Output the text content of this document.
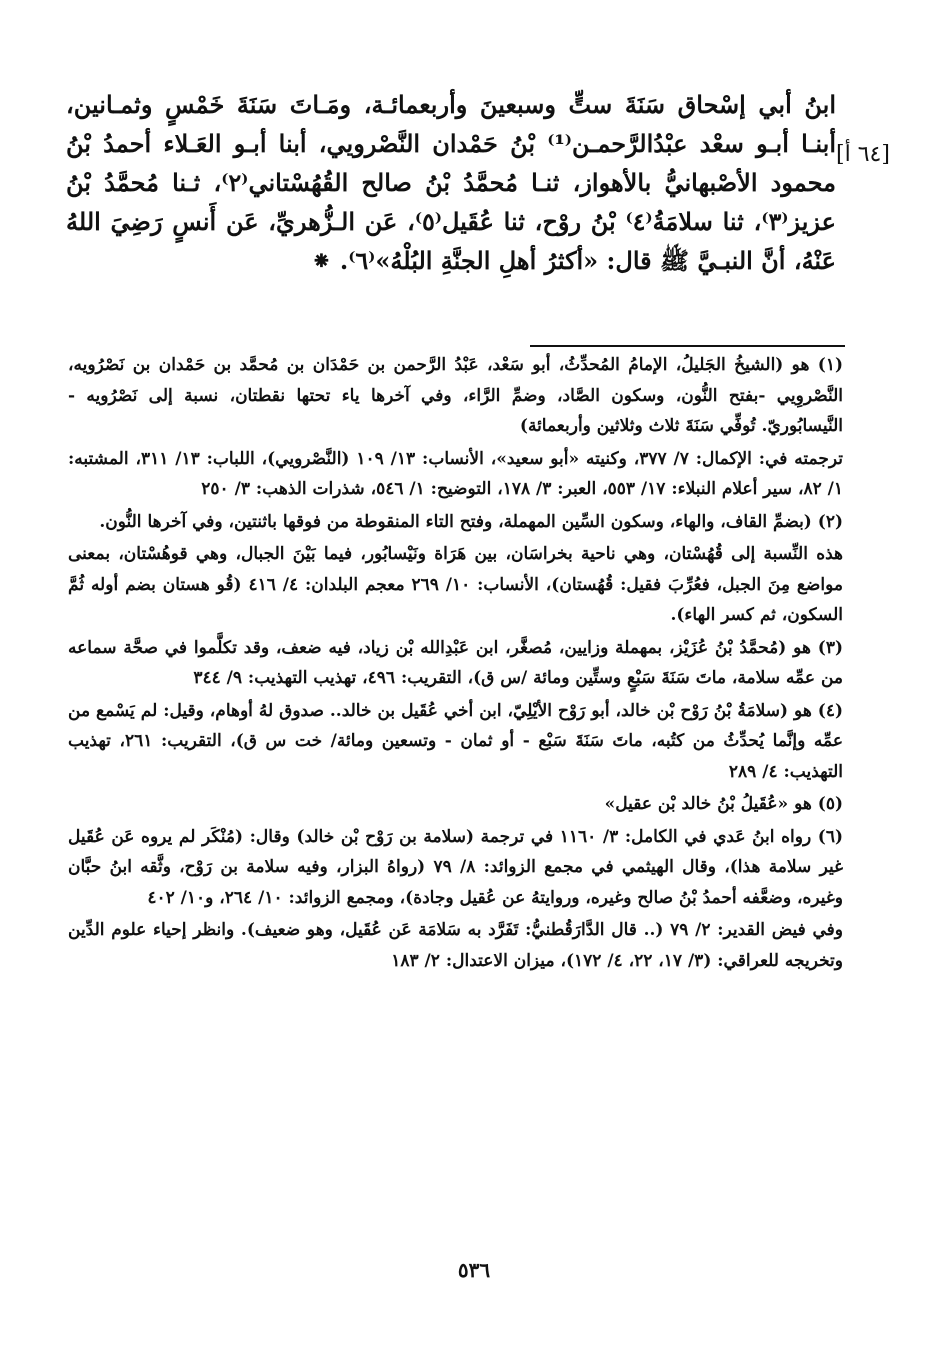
[٦٤ أ]

ابنُ أبي إسْحاق سَنَةَ ستٍّ وسبعينَ وأربعمائـة، ومَـاتَ سَنَةَ خَمْسٍ وثمـانين، أبنـا أبـو سعْد عبْدُالرَّحمـن⁽¹⁾ بْنُ حَمْدان النَّصْرويي، أبنا أبـو العَـلاء أحمدُ بْنُ محمود الأصْبهانيُّ بالأهواز، ثنـا مُحمَّدُ بْنُ صالح القُهُسْتاني⁽٢⁾، ثـنا مُحمَّدُ بْنُ عزيز⁽٣⁾، ثنا سلامَةُ⁽٤⁾ بْنُ روْح، ثنا عُقَيل⁽٥⁾، عَن الـزُّهريِّ، عَن أَنسٍ رَضِيَ اللهُ عَنْهُ، أنَّ النبـيَّ ﷺ قال: «أكثرُ أهلِ الجنَّةِ البُلْهُ»⁽٦⁾. ⁕

(١) هو (الشيخُ الجَليلُ، الإمامُ المُحدِّثُ، أبو سَعْد، عَبْدُ الرَّحمن بن حَمْدَان بن مُحمَّد بن حَمْدان بن نَصْرُويه، النَّصْروِيي -بفتح النُّون، وسكون الصَّاد، وضمِّ الرَّاء، وفي آخرها ياء تحتها نقطتان، نسبة إلى نَصْرُويه - النَّيسابُوريّ. تُوفِّي سَنَةَ ثلاث وثلاثين وأربعمائة)

ترجمته في: الإكمال: ٧/ ٣٧٧، وكنيته «أبو سعيد»، الأنساب: ١٣/ ١٠٩ (النَّصْرويي)، اللباب: ١٣/ ٣١١، المشتبه: ١/ ٨٢، سير أعلام النبلاء: ١٧/ ٥٥٣، العبر: ٣/ ١٧٨، التوضيح: ١/ ٥٤٦، شذرات الذهب: ٣/ ٢٥٠

(٢) (بضمِّ القاف، والهاء، وسكون السِّين المهملة، وفتح التاء المنقوطة من فوقها باثنتين، وفي آخرها النُّون.

هذه النِّسبة إلى قُهُسْتان، وهي ناحية بخراسَان، بين هَرَاة ونَيْسابُور، فيما بَيْنَ الجبال، وهي قوهُسْتان، بمعنى مواضع مِنَ الجبل، فعُرِّبَ فقيل: قُهُستان)، الأنساب: ١٠/ ٢٦٩ معجم البلدان: ٤/ ٤١٦ (قُو هستان بضم أوله ثُمَّ السكون، ثم كسر الهاء).

(٣) هو (مُحمَّدُ بْنُ عُزَيْز، بمهملة وزايين، مُصغَّر، ابن عَبْدِالله بْن زياد، فيه ضعف، وقد تكلَّموا في صحَّة سماعه من عمِّه سلامة، ماتَ سَنَةَ سَبْعٍ وستِّين ومائة /س ق)، التقريب: ٤٩٦، تهذيب التهذيب: ٩/ ٣٤٤

(٤) هو (سلامَةُ بْنُ رَوْح بْن خالد، أبو رَوْح الأيْلِيّ، ابن أخي عُقَيل بن خالد.. صدوق لهُ أوهام، وقيل: لم يَسْمع من عمِّه وإنَّما يُحدِّثُ من كتُبه، ماتَ سَنَةَ سَبْع - أو ثمان - وتسعين ومائة/ خت س ق)، التقريب: ٢٦١، تهذيب التهذيب: ٤/ ٢٨٩

(٥) هو «عُقَيلُ بْنُ خالد بْن عقيل»

(٦) رواه ابنُ عَدي في الكامل: ٣/ ١١٦٠ في ترجمة (سلامة بن رَوْح بْن خالد) وقال: (مُنْكَر لم يروه عَن عُقَيل غير سلامة هذا)، وقال الهيثمي في مجمع الزوائد: ٨/ ٧٩ (رواهُ البزار، وفيه سلامة بن رَوْح، وثَّقه ابنُ حبَّان وغيره، وضعَّفه أحمدُ بْنُ صالح وغيره، وروايتهُ عن عُقيل وجادة)، ومجمع الزوائد: ١٠/ ٢٦٤، و١٠/ ٤٠٢

وفي فيض القدير: ٢/ ٧٩ (.. قال الدَّارَقُطنيُّ: تَفَرَّد به سَلامَة عَن عُقَيل، وهو ضعيف). وانظر إحياء علوم الدِّين وتخريجه للعراقي: (٣/ ١٧، ٢٢، ٤/ ١٧٢)، ميزان الاعتدال: ٢/ ١٨٣

٥٣٦
